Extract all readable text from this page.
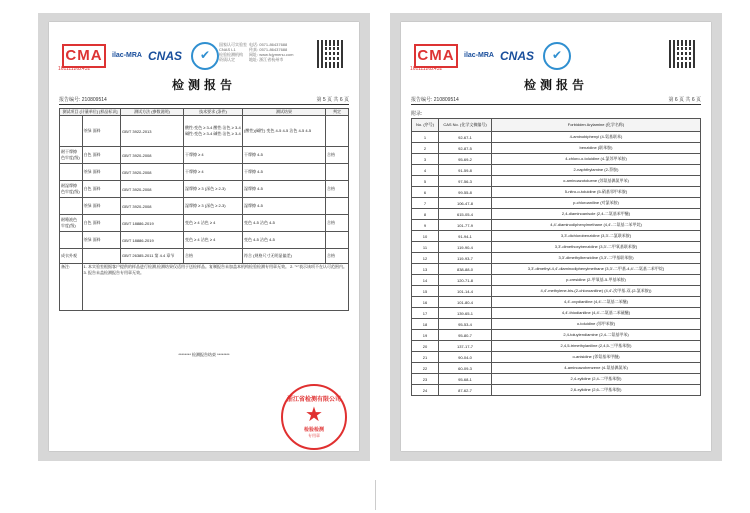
CMA
161111262432
ilac-MRA CNAS	✔
国家认可实验室
CNAS L1
检验检测机构
资质认定
电话: 0571-86437688
传真: 0571-86437688
网址: www.fcjymenu.com
地址: 浙江省杭州市
检测报告
报告编号: 210809514	第 5 页 共 6 页
测试项目 (计量单位) [样品标识]		测试方法 (参数说明)	技术要求 (条件)	测试结果	判定
	茶绿 面料	GB/T 3922-2013	酸性:变色 ≥ 3-4 酸性:沾色 ≥ 3-4 碱性:变色 ≥ 3-4 碱性:沾色 ≥ 3-4	(酸性)(碱性) 变色 4-5 4-5 沾色 4-5 4-5	
耐干摩擦色牢度(级)	白色 面料	GB/T 3920-2008	干摩擦 ≥ 4	干摩擦 4-5	合格
	茶绿 面料	GB/T 3920-2008	干摩擦 ≥ 4	干摩擦 4-5	
耐湿摩擦色牢度(级)	白色 面料	GB/T 3920-2008	湿摩擦 ≥ 3 (深色 ≥ 2-3)	湿摩擦 4-5	合格
	茶绿 面料	GB/T 3920-2008	湿摩擦 ≥ 3 (深色 ≥ 2-3)	湿摩擦 4-5	
耐唾液色牢度(级)	白色 面料	GB/T 18886-2019	变色 ≥ 4 沾色 ≥ 4	变色 4-5 沾色 4-5	合格
	茶绿 面料	GB/T 18886-2019	变色 ≥ 4 沾色 ≥ 4	变色 4-5 沾色 4-5	
成衣外观		GB/T 26385-2011 第 4.4 章节	合格	符合 (规格尺寸无明显偏差)	合格
备注:	1. 本实验室根据客户提供的样品进行检测,检测结果仅适用于送检样品。复制报告未加盖本机构检验检测专用章无效。 2. "*"表示该项不在认可范围内。 3. 报告未盖检测报告专用章无效。				
******** 检测报告结束 ********
浙江省检测有限公司
★
检验检测
专用章
CMA
161111262432
ilac-MRA CNAS	✔
检测报告
报告编号: 210809514	第 6 页 共 6 页
附录:
No. (序号)	CAS No. (化学文摘编号)	Forbidden Arylamine (化学名称)
1	92-67-1	4-aminobiphenyl (4-氨基联苯)
2	92-87-5	benzidine (联苯胺)
3	95-69-2	4-chloro-o-toluidine (4-氯邻甲苯胺)
4	91-59-8	2-naphthylamine (2-萘胺)
5	97-56-3	o-aminoazotoluene (邻氨基偶氮甲苯)
6	99-55-8	5-nitro-o-toluidine (5-硝基邻甲苯胺)
7	106-47-8	p-chloroaniline (对氯苯胺)
8	615-05-4	2,4-diaminoanisole (2,4-二氨基苯甲醚)
9	101-77-9	4,4'-diaminodiphenylmethane (4,4'-二氨基二苯甲烷)
10	91-94-1	3,3'-dichlorobenzidine (3,3'-二氯联苯胺)
11	119-90-4	3,3'-dimethoxybenzidine (3,3'-二甲氧基联苯胺)
12	119-93-7	3,3'-dimethylbenzidine (3,3'-二甲基联苯胺)
13	838-88-0	3,3'-dimethyl-4,4'-diaminodiphenylmethane (3,3'-二甲基-4,4'-二氨基二苯甲烷)
14	120-71-8	p-cresidine (2-甲氧基-5-甲基苯胺)
15	101-14-4	4,4'-methylene-bis-(2-chloroaniline) (4,4'-次甲基-双-(2-氯苯胺))
16	101-80-4	4,4'-oxydianiline (4,4'-二氨基二苯醚)
17	139-65-1	4,4'-thiodianiline (4,4'-二氨基二苯硫醚)
18	95-53-4	o-toluidine (邻甲苯胺)
19	95-80-7	2,4-toluylendiamine (2,4-二氨基甲苯)
20	137-17-7	2,4,5-trimethylaniline (2,4,5-三甲基苯胺)
21	90-04-0	o-anisidine (邻氨基苯甲醚)
22	60-09-3	4-aminoazobenzene (4-氨基偶氮苯)
23	95-68-1	2,4-xylidine (2,4-二甲基苯胺)
24	87-62-7	2,6-xylidine (2,6-二甲基苯胺)
